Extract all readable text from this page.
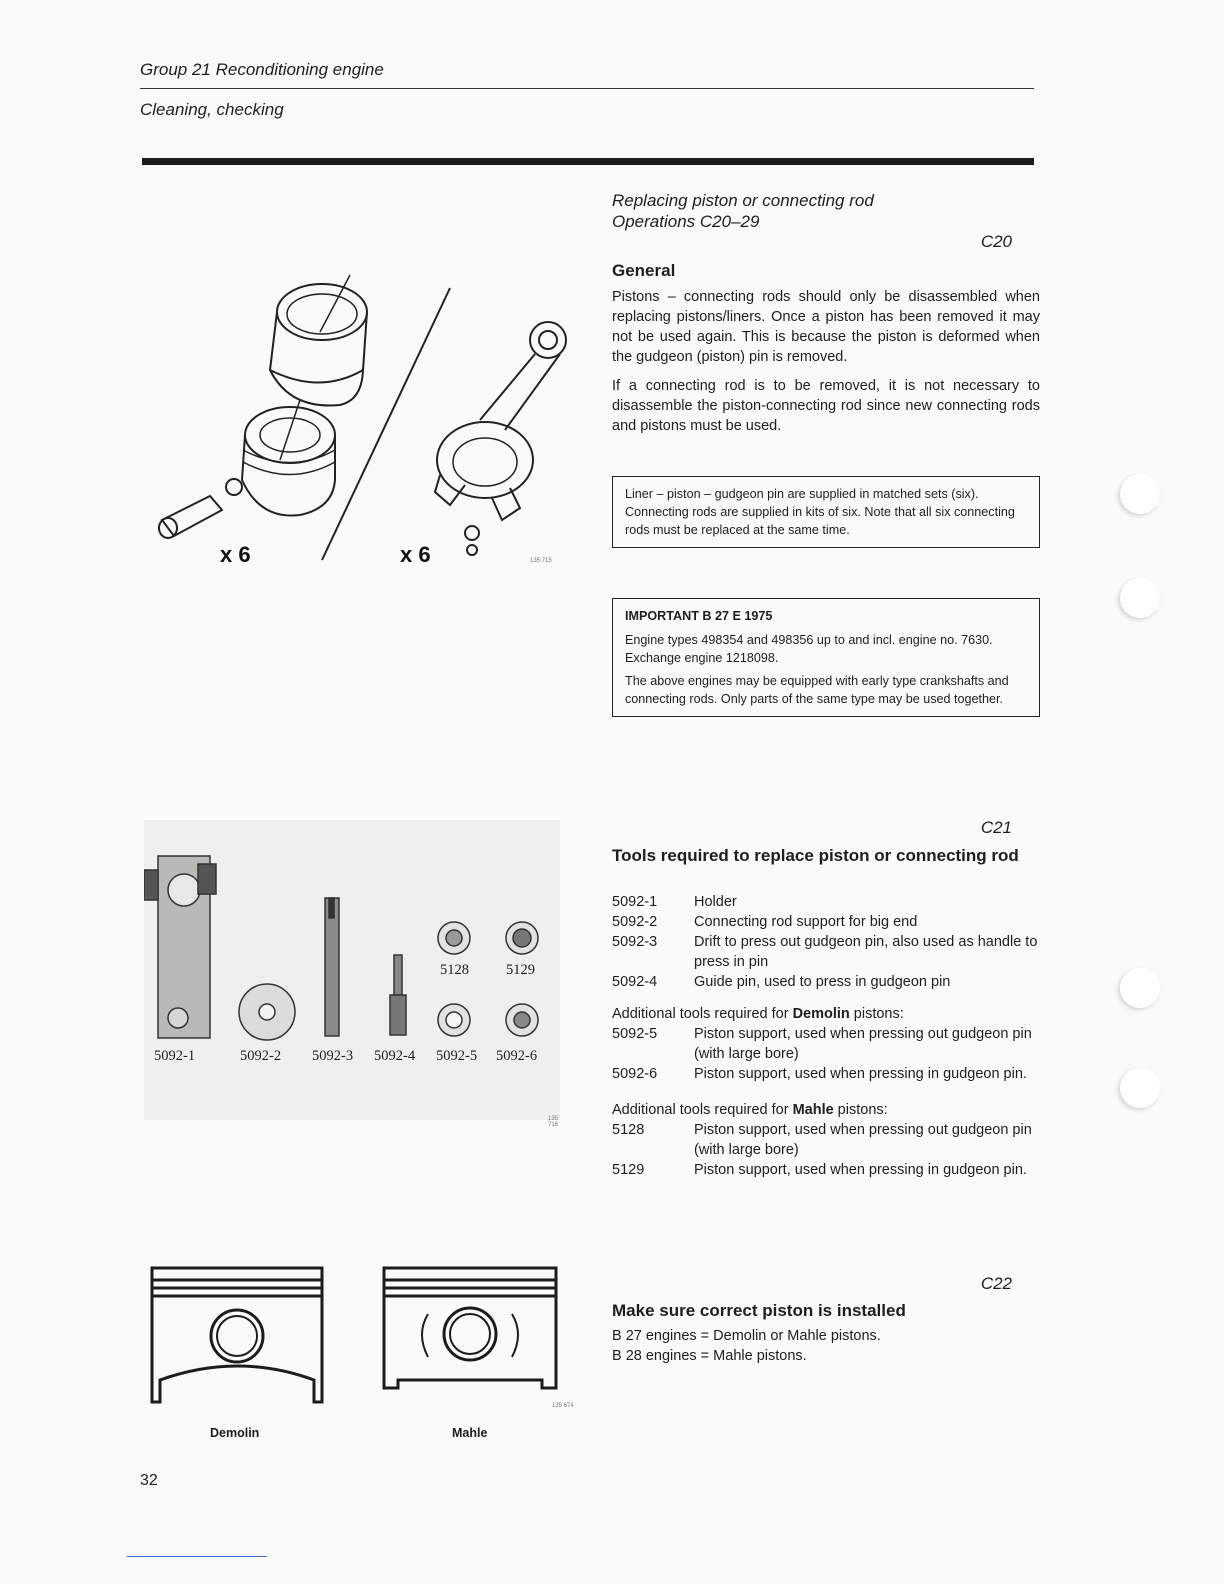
Group 21 Reconditioning engine
Cleaning, checking
x 6	x 6	135 715
Replacing piston or connecting rod
Operations C20–29
C20
General

Pistons – connecting rods should only be disassembled when replacing pistons/liners. Once a piston has been removed it may not be used again. This is because the piston is deformed when the gudgeon (piston) pin is removed.

If a connecting rod is to be removed, it is not necessary to disassemble the piston-connecting rod since new connecting rods and pistons must be used.

Liner – piston – gudgeon pin are supplied in matched sets (six).

Connecting rods are supplied in kits of six. Note that all six connecting rods must be replaced at the same time.

IMPORTANT B 27 E 1975

Engine types 498354 and 498356 up to and incl. engine no. 7630.

Exchange engine 1218098.

The above engines may be equipped with early type crankshafts and connecting rods. Only parts of the same type may be used together.

5128	5129
5092-1	5092-2 5092-3 5092-4 5092-5 5092-6
135 716
C21
Tools required to replace piston or connecting rod
5092-1	Holder
5092-2	Connecting rod support for big end
5092-3	Drift to press out gudgeon pin, also used as handle to press in pin
5092-4	Guide pin, used to press in gudgeon pin
Additional tools required for Demolin pistons:
5092-5	Piston support, used when pressing out gudgeon pin (with large bore)
5092-6	Piston support, used when pressing in gudgeon pin.
Additional tools required for Mahle pistons:
5128	Piston support, used when pressing out gudgeon pin (with large bore)
5129	Piston support, used when pressing in gudgeon pin.
135 674
Demolin	Mahle
C22
Make sure correct piston is installed
B 27 engines = Demolin or Mahle pistons.
B 28 engines = Mahle pistons.
32
